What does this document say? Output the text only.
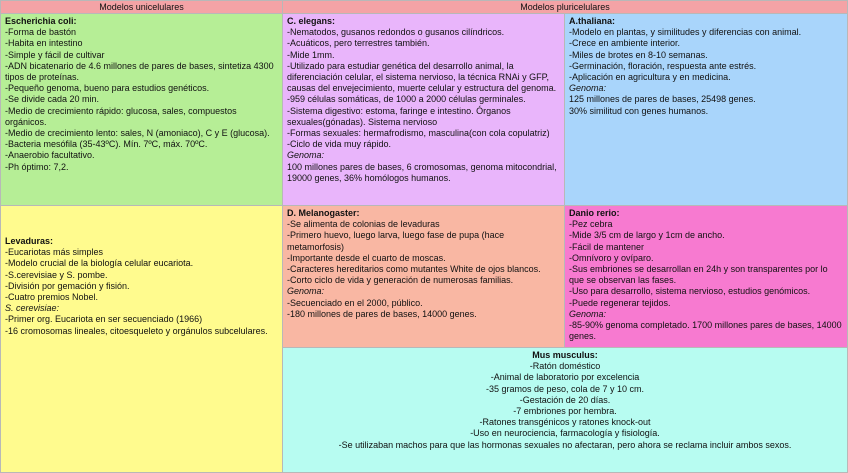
Modelos unicelulares	Modelos pluricelulares
Escherichia coli:
-Forma de bastón
-Habita en intestino
-Simple y fácil de cultivar
-ADN bicatenario de 4.6 millones de pares de bases, sintetiza 4300 tipos de proteínas.
-Pequeño genoma, bueno para estudios genéticos.
-Se divide cada 20 min.
-Medio de crecimiento rápido: glucosa, sales, compuestos orgánicos.
-Medio de crecimiento lento: sales, N (amoniaco), C y E (glucosa).
-Bacteria mesófila (35-43ºC). Mín. 7ºC, máx. 70ºC.
-Anaerobio facultativo.
-Ph óptimo: 7,2.
C. elegans:
-Nematodos, gusanos redondos o gusanos cilíndricos.
-Acuáticos, pero terrestres también.
-Mide 1mm.
-Utilizado para estudiar genética del desarrollo animal, la diferenciación celular, el sistema nervioso, la técnica RNAi y GFP, causas del envejecimiento, muerte celular y estructura del genoma.
-959 células somáticas, de 1000 a 2000 células germinales.
-Sistema digestivo: estoma, faringe e intestino. Órganos sexuales(gónadas). Sistema nervioso
-Formas sexuales: hermafrodismo, masculina(con cola copulatriz)
-Ciclo de vida muy rápido.
Genoma:
100 millones pares de bases, 6 cromosomas, genoma mitocondrial, 19000 genes, 36% homólogos humanos.
A.thaliana:
-Modelo en plantas, y similitudes y diferencias con animal.
-Crece en ambiente interior.
-Miles de brotes en 8-10 semanas.
-Germinación, floración, respuesta ante estrés.
-Aplicación en agricultura y en medicina.
Genoma:
125 millones de pares de bases, 25498 genes.
30% similitud con genes humanos.
Levaduras:
-Eucariotas más simples
-Modelo crucial de la biología celular eucariota.
-S.cerevisiae y S. pombe.
-División por gemación y fisión.
-Cuatro premios Nobel.
S. cerevisiae:
-Primer org. Eucariota en ser secuenciado (1966)
-16 cromosomas lineales, citoesqueleto y orgánulos subcelulares.
D. Melanogaster:
-Se alimenta de colonias de levaduras
-Primero huevo, luego larva, luego fase de pupa (hace metamorfosis)
-Importante desde el cuarto de moscas.
-Caracteres hereditarios como mutantes White de ojos blancos.
-Corto ciclo de vida y generación de numerosas familias.
Genoma:
-Secuenciado en el 2000, público.
-180 millones de pares de bases, 14000 genes.
Danio rerio:
-Pez cebra
-Mide 3/5 cm de largo y 1cm de ancho.
-Fácil de mantener
-Omnívoro y ovíparo.
-Sus embriones se desarrollan en 24h y son transparentes por lo que se observan las fases.
-Uso para desarrollo, sistema nervioso, estudios genómicos.
-Puede regenerar tejidos.
Genoma:
-85-90% genoma completado. 1700 millones pares de bases, 14000 genes.
Mus musculus:
-Ratón doméstico
-Animal de laboratorio por excelencia
-35 gramos de peso, cola de 7 y 10 cm.
-Gestación de 20 días.
-7 embriones por hembra.
-Ratones transgénicos y ratones knock-out
-Uso en neurociencia, farmacología y fisiología.
-Se utilizaban machos para que las hormonas sexuales no afectaran, pero ahora se reclama incluir ambos sexos.
